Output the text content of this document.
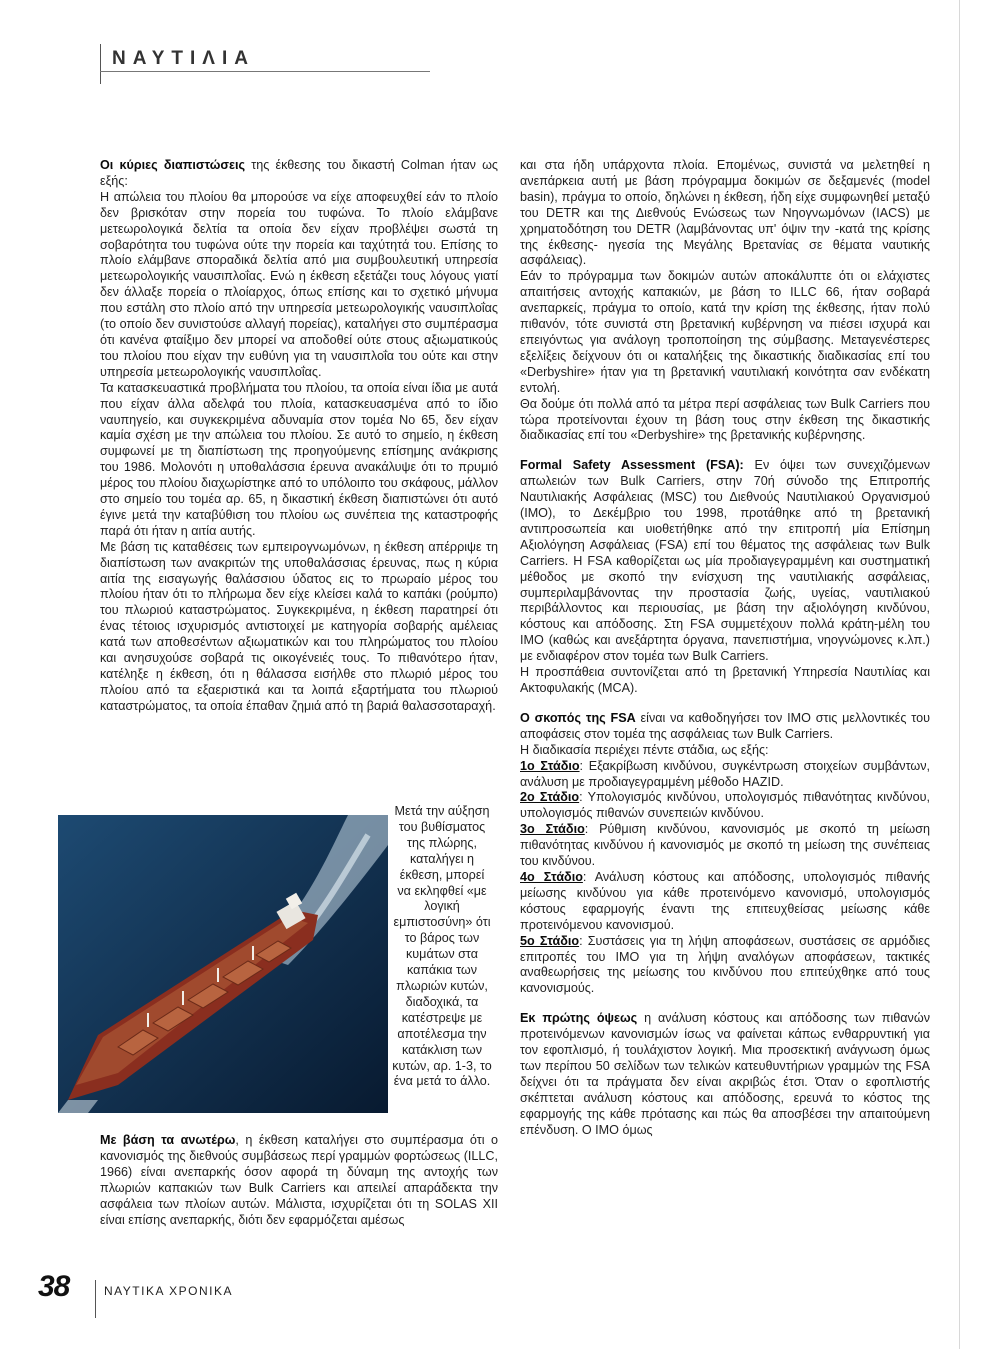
ΝΑΥΤΙΛΙΑ

Οι κύριες διαπιστώσεις της έκθεσης του δικαστή Colman ήταν ως εξής:

Η απώλεια του πλοίου θα μπορούσε να είχε αποφευχθεί εάν το πλοίο δεν βρισκόταν στην πορεία του τυφώνα. Το πλοίο ελάμβανε μετεωρολογικά δελτία τα οποία δεν είχαν προβλέψει σωστά τη σοβαρότητα του τυφώνα ούτε την πορεία και ταχύτητά του. Επίσης το πλοίο ελάμβανε σποραδικά δελτία από μια συμβουλευτική υπηρεσία μετεωρολογικής ναυσιπλοΐας. Ενώ η έκθεση εξετάζει τους λόγους γιατί δεν άλλαξε πορεία ο πλοίαρχος, όπως επίσης και το σχετικό μήνυμα που εστάλη στο πλοίο από την υπηρεσία μετεωρολογικής ναυσιπλοΐας (το οποίο δεν συνιστούσε αλλαγή πορείας), καταλήγει στο συμπέρασμα ότι κανένα φταίξιμο δεν μπορεί να αποδοθεί ούτε στους αξιωματικούς του πλοίου που είχαν την ευθύνη για τη ναυσιπλοΐα του ούτε και στην υπηρεσία μετεωρολογικής ναυσιπλοΐας.

Τα κατασκευαστικά προβλήματα του πλοίου, τα οποία είναι ίδια με αυτά που είχαν άλλα αδελφά του πλοία, κατασκευασμένα από το ίδιο ναυπηγείο, και συγκεκριμένα αδυναμία στον τομέα Νο 65, δεν είχαν καμία σχέση με την απώλεια του πλοίου. Σε αυτό το σημείο, η έκθεση συμφωνεί με τη διαπίστωση της προηγούμενης επίσημης ανάκρισης του 1986. Μολονότι η υποθαλάσσια έρευνα ανακάλυψε ότι το πρυμιό μέρος του πλοίου διαχωρίστηκε από το υπόλοιπο του σκάφους, μάλλον στο σημείο του τομέα αρ. 65, η δικαστική έκθεση διαπιστώνει ότι αυτό έγινε μετά την καταβύθιση του πλοίου ως συνέπεια της καταστροφής παρά ότι ήταν η αιτία αυτής.

Με βάση τις καταθέσεις των εμπειρογνωμόνων, η έκθεση απέρριψε τη διαπίστωση των ανακριτών της υποθαλάσσιας έρευνας, πως η κύρια αιτία της εισαγωγής θαλάσσιου ύδατος εις το πρωραίο μέρος του πλοίου ήταν ότι το πλήρωμα δεν είχε κλείσει καλά το καπάκι (ρούμπο) του πλωριού καταστρώματος. Συγκεκριμένα, η έκθεση παρατηρεί ότι ένας τέτοιος ισχυρισμός αντιστοιχεί με κατηγορία σοβαρής αμέλειας κατά των αποθεσέντων αξιωματικών και του πληρώματος του πλοίου και ανησυχούσε σοβαρά τις οικογένειές τους. Το πιθανότερο ήταν, κατέληξε η έκθεση, ότι η θάλασσα εισήλθε στο πλωριό μέρος του πλοίου από τα εξαεριστικά και τα λοιπά εξαρτήματα του πλωριού καταστρώματος, τα οποία έπαθαν ζημιά από τη βαριά θαλασσοταραχή.

Μετά την αύξηση του βυθίσματος της πλώρης, καταλήγει η έκθεση, μπορεί να εκληφθεί «με λογική εμπιστοσύνη» ότι το βάρος των κυμάτων στα καπάκια των πλωριών κυτών, διαδοχικά, τα κατέστρεψε με αποτέλεσμα την κατάκλιση των κυτών, αρ. 1-3, το ένα μετά το άλλο.

Με βάση τα ανωτέρω, η έκθεση καταλήγει στο συμπέρασμα ότι ο κανονισμός της διεθνούς συμβάσεως περί γραμμών φορτώσεως (ILLC, 1966) είναι ανεπαρκής όσον αφορά τη δύναμη της αντοχής των πλωριών καπακιών των Bulk Carriers και απειλεί απαράδεκτα την ασφάλεια των πλοίων αυτών. Μάλιστα, ισχυρίζεται ότι τη SOLAS XII είναι επίσης ανεπαρκής, διότι δεν εφαρμόζεται αμέσως

και στα ήδη υπάρχοντα πλοία. Επομένως, συνιστά να μελετηθεί η ανεπάρκεια αυτή με βάση πρόγραμμα δοκιμών σε δεξαμενές (model basin), πράγμα το οποίο, δηλώνει η έκθεση, ήδη είχε συμφωνηθεί μεταξύ του DETR και της Διεθνούς Ενώσεως των Νηογνωμόνων (IACS) με χρηματοδότηση του DETR (λαμβάνοντας υπ' όψιν την -κατά της κρίσης της έκθεσης- ηγεσία της Μεγάλης Βρετανίας σε θέματα ναυτικής ασφάλειας).

Εάν το πρόγραμμα των δοκιμών αυτών αποκάλυπτε ότι οι ελάχιστες απαιτήσεις αντοχής καπακιών, με βάση το ILLC 66, ήταν σοβαρά ανεπαρκείς, πράγμα το οποίο, κατά την κρίση της έκθεσης, ήταν πολύ πιθανόν, τότε συνιστά στη βρετανική κυβέρνηση να πιέσει ισχυρά και επειγόντως για ανάλογη τροποποίηση της σύμβασης. Μεταγενέστερες εξελίξεις δείχνουν ότι οι καταλήξεις της δικαστικής διαδικασίας επί του «Derbyshire» ήταν για τη βρετανική ναυτιλιακή κοινότητα σαν ενδέκατη εντολή.

Θα δούμε ότι πολλά από τα μέτρα περί ασφάλειας των Bulk Carriers που τώρα προτείνονται έχουν τη βάση τους στην έκθεση της δικαστικής διαδικασίας επί του «Derbyshire» της βρετανικής κυβέρνησης.

Formal Safety Assessment (FSA): Εν όψει των συνεχιζόμενων απωλειών των Bulk Carriers, στην 70ή σύνοδο της Επιτροπής Ναυτιλιακής Ασφάλειας (MSC) του Διεθνούς Ναυτιλιακού Οργανισμού (IMO), το Δεκέμβριο του 1998, προτάθηκε από τη βρετανική αντιπροσωπεία και υιοθετήθηκε από την επιτροπή μία Επίσημη Αξιολόγηση Ασφάλειας (FSA) επί του θέματος της ασφάλειας των Bulk Carriers. Η FSA καθορίζεται ως μία προδιαγεγραμμένη και συστηματική μέθοδος με σκοπό την ενίσχυση της ναυτιλιακής ασφάλειας, συμπεριλαμβάνοντας την προστασία ζωής, υγείας, ναυτιλιακού περιβάλλοντος και περιουσίας, με βάση την αξιολόγηση κινδύνου, κόστους και απόδοσης. Στη FSA συμμετέχουν πολλά κράτη-μέλη του IMO (καθώς και ανεξάρτητα όργανα, πανεπιστήμια, νηογνώμονες κ.λπ.) με ενδιαφέρον στον τομέα των Bulk Carriers.

Η προσπάθεια συντονίζεται από τη βρετανική Υπηρεσία Ναυτιλίας και Ακτοφυλακής (MCA).

Ο σκοπός της FSA είναι να καθοδηγήσει τον IMO στις μελλοντικές του αποφάσεις στον τομέα της ασφάλειας των Bulk Carriers.

Η διαδικασία περιέχει πέντε στάδια, ως εξής:

1ο Στάδιο: Εξακρίβωση κινδύνου, συγκέντρωση στοιχείων συμβάντων, ανάλυση με προδιαγεγραμμένη μέθοδο HAZID.

2ο Στάδιο: Υπολογισμός κινδύνου, υπολογισμός πιθανότητας κινδύνου, υπολογισμός πιθανών συνεπειών κινδύνου.

3ο Στάδιο: Ρύθμιση κινδύνου, κανονισμός με σκοπό τη μείωση πιθανότητας κινδύνου ή κανονισμός με σκοπό τη μείωση της συνέπειας του κινδύνου.

4ο Στάδιο: Ανάλυση κόστους και απόδοσης, υπολογισμός πιθανής μείωσης κινδύνου για κάθε προτεινόμενο κανονισμό, υπολογισμός κόστους εφαρμογής έναντι της επιτευχθείσας μείωσης κάθε προτεινόμενου κανονισμού.

5ο Στάδιο: Συστάσεις για τη λήψη αποφάσεων, συστάσεις σε αρμόδιες επιτροπές του IMO για τη λήψη αναλόγων αποφάσεων, τακτικές αναθεωρήσεις της μείωσης του κινδύνου που επιτεύχθηκε από τους κανονισμούς.

Εκ πρώτης όψεως η ανάλυση κόστους και απόδοσης των πιθανών προτεινόμενων κανονισμών ίσως να φαίνεται κάπως ενθαρρυντική για τον εφοπλισμό, ή τουλάχιστον λογική. Μια προσεκτική ανάγνωση όμως των περίπου 50 σελίδων των τελικών κατευθυντήριων γραμμών της FSA δείχνει ότι τα πράγματα δεν είναι ακριβώς έτσι. Όταν ο εφοπλιστής σκέπτεται ανάλυση κόστους και απόδοσης, ερευνά το κόστος της εφαρμογής της κάθε πρότασης και πώς θα αποσβέσει την απαιτούμενη επένδυση. Ο IMO όμως

38	ΝΑΥΤΙΚΑ ΧΡΟΝΙΚΑ
